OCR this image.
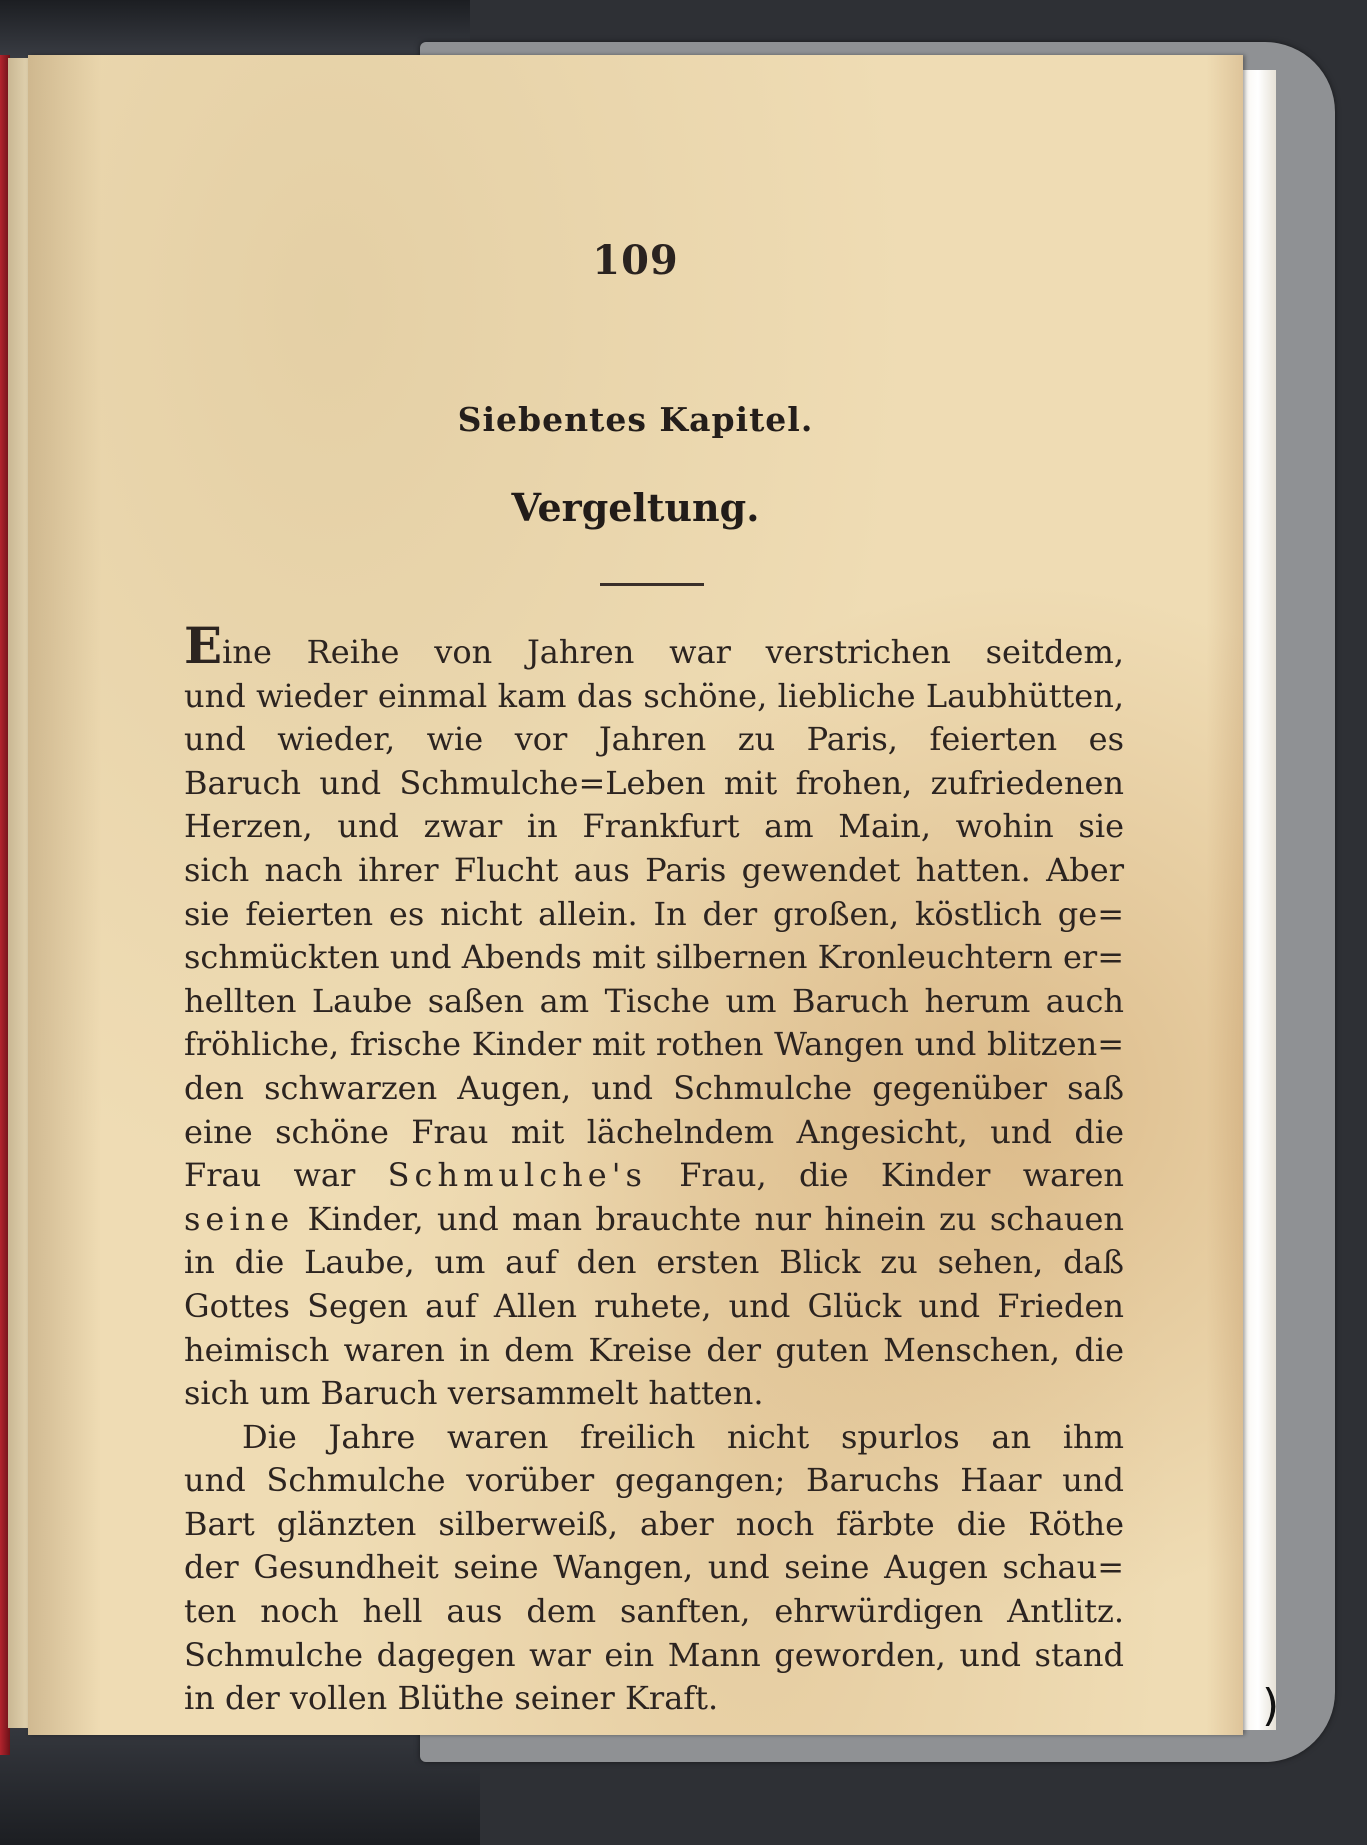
)
109
Siebentes Kapitel.
Vergeltung.
Eine Reihe von Jahren war verstrichen seitdem,
und wieder einmal kam das schöne, liebliche Laubhütten,
und wieder, wie vor Jahren zu Paris, feierten es
Baruch und Schmulche=Leben mit frohen, zufriedenen
Herzen, und zwar in Frankfurt am Main, wohin sie
sich nach ihrer Flucht aus Paris gewendet hatten. Aber
sie feierten es nicht allein. In der großen, köstlich ge=
schmückten und Abends mit silbernen Kronleuchtern er=
hellten Laube saßen am Tische um Baruch herum auch
fröhliche, frische Kinder mit rothen Wangen und blitzen=
den schwarzen Augen, und Schmulche gegenüber saß
eine schöne Frau mit lächelndem Angesicht, und die
Frau war Schmulche's Frau, die Kinder waren
seine Kinder, und man brauchte nur hinein zu schauen
in die Laube, um auf den ersten Blick zu sehen, daß
Gottes Segen auf Allen ruhete, und Glück und Frieden
heimisch waren in dem Kreise der guten Menschen, die
sich um Baruch versammelt hatten.
Die Jahre waren freilich nicht spurlos an ihm
und Schmulche vorüber gegangen; Baruchs Haar und
Bart glänzten silberweiß, aber noch färbte die Röthe
der Gesundheit seine Wangen, und seine Augen schau=
ten noch hell aus dem sanften, ehrwürdigen Antlitz.
Schmulche dagegen war ein Mann geworden, und stand
in der vollen Blüthe seiner Kraft.
